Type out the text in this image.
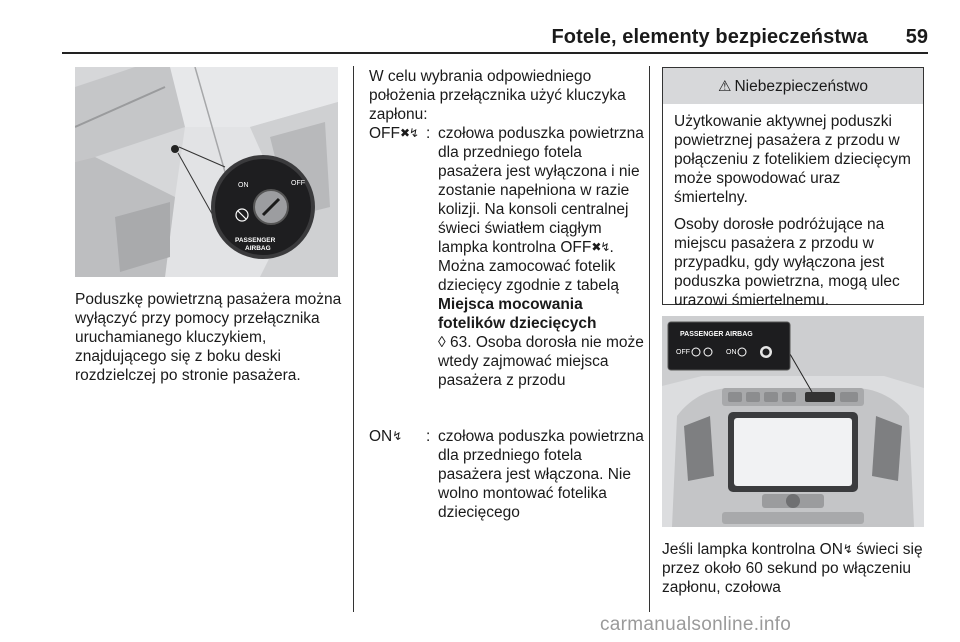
Fotele, elementy bezpieczeństwa 59
ON	OFF
PASSENGER AIRBAG

Poduszkę powietrzną pasażera można wyłączyć przy pomocy przełącznika uruchamianego kluczykiem, znajdującego się z boku deski rozdzielczej po stronie pasażera.

W celu wybrania odpowiedniego położenia przełącznika użyć kluczyka zapłonu:

OFF✖↯ : czołowa poduszka powietrzna dla przedniego fotela pasażera jest wyłączona i nie zostanie napełniona w razie kolizji. Na konsoli centralnej świeci światłem ciągłym lampka kontrolna OFF✖↯. Można zamocować fotelik dziecięcy zgodnie z tabelą Miejsca mocowania fotelików dziecięcych
◊ 63. Osoba dorosła nie może wtedy zajmować miejsca pasażera z przodu
ON↯	: czołowa poduszka powietrzna dla przedniego fotela pasażera jest włączona. Nie wolno montować fotelika dziecięcego
⚠ Niebezpieczeństwo

Użytkowanie aktywnej poduszki powietrznej pasażera z przodu w połączeniu z fotelikiem dziecięcym może spowodować uraz śmiertelny.

Osoby dorosłe podróżujące na miejscu pasażera z przodu w przypadku, gdy wyłączona jest poduszka powietrzna, mogą ulec urazowi śmiertelnemu.

PASSENGER AIRBAG
OFF	ON

Jeśli lampka kontrolna ON↯ świeci się przez około 60 sekund po włączeniu zapłonu, czołowa

carmanualsonline.info
